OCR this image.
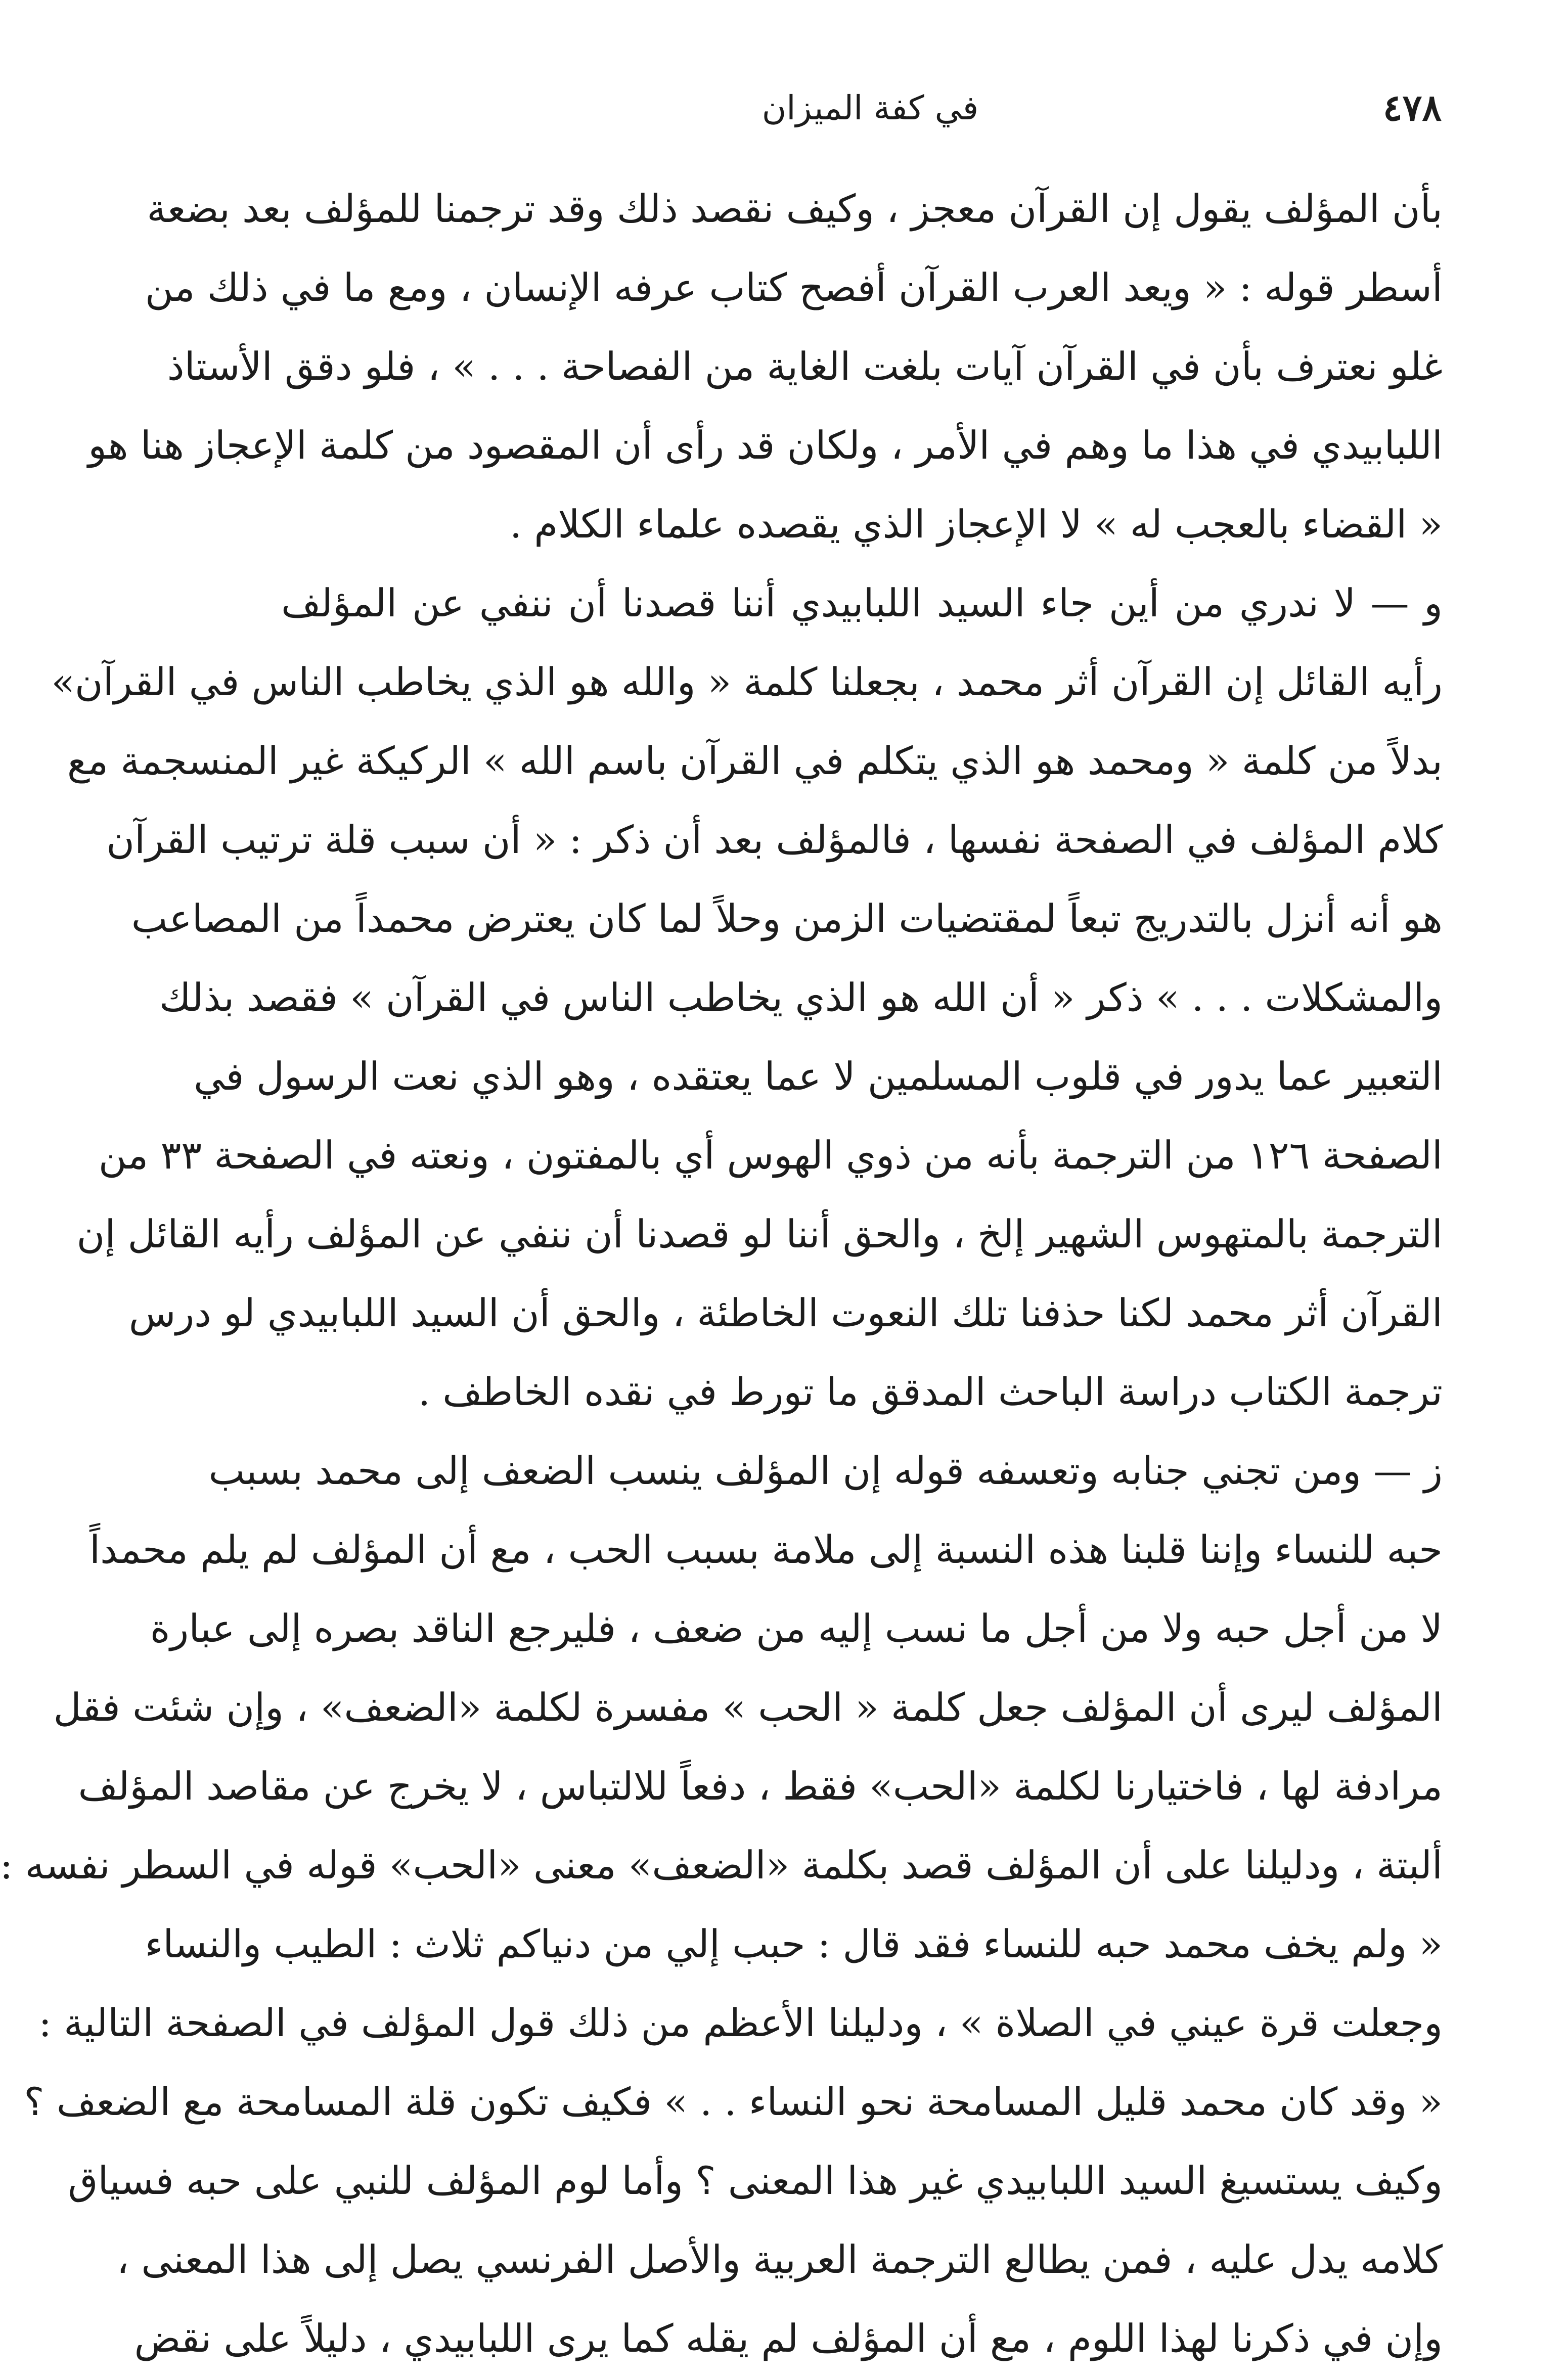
٤٧٨
في كفة الميزان
بأن المؤلف يقول إن القرآن معجز ، وكيف نقصد ذلك وقد ترجمنا للمؤلف بعد بضعة
أسطر قوله : « ويعد العرب القرآن أفصح كتاب عرفه الإنسان ، ومع ما في ذلك من
غلو نعترف بأن في القرآن آيات بلغت الغاية من الفصاحة . . . » ، فلو دقق الأستاذ
اللبابيدي في هذا ما وهم في الأمر ، ولكان قد رأى أن المقصود من كلمة الإعجاز هنا هو
« القضاء بالعجب له » لا الإعجاز الذي يقصده علماء الكلام .
و — لا ندري من أين جاء السيد اللبابيدي أننا قصدنا أن ننفي عن المؤلف
رأيه القائل إن القرآن أثر محمد ، بجعلنا كلمة « والله هو الذي يخاطب الناس في القرآن»
بدلاً من كلمة « ومحمد هو الذي يتكلم في القرآن باسم الله » الركيكة غير المنسجمة مع
كلام المؤلف في الصفحة نفسها ، فالمؤلف بعد أن ذكر : « أن سبب قلة ترتيب القرآن
هو أنه أنزل بالتدريج تبعاً لمقتضيات الزمن وحلاً لما كان يعترض محمداً من المصاعب
والمشكلات . . . » ذكر « أن الله هو الذي يخاطب الناس في القرآن » فقصد بذلك
التعبير عما يدور في قلوب المسلمين لا عما يعتقده ، وهو الذي نعت الرسول في
الصفحة ١٢٦ من الترجمة بأنه من ذوي الهوس أي بالمفتون ، ونعته في الصفحة ٣٣ من
الترجمة بالمتهوس الشهير إلخ ، والحق أننا لو قصدنا أن ننفي عن المؤلف رأيه القائل إن
القرآن أثر محمد لكنا حذفنا تلك النعوت الخاطئة ، والحق أن السيد اللبابيدي لو درس
ترجمة الكتاب دراسة الباحث المدقق ما تورط في نقده الخاطف .
ز — ومن تجني جنابه وتعسفه قوله إن المؤلف ينسب الضعف إلى محمد بسبب
حبه للنساء وإننا قلبنا هذه النسبة إلى ملامة بسبب الحب ، مع أن المؤلف لم يلم محمداً
لا من أجل حبه ولا من أجل ما نسب إليه من ضعف ، فليرجع الناقد بصره إلى عبارة
المؤلف ليرى أن المؤلف جعل كلمة « الحب » مفسرة لكلمة «الضعف» ، وإن شئت فقل
مرادفة لها ، فاختيارنا لكلمة «الحب» فقط ، دفعاً للالتباس ، لا يخرج عن مقاصد المؤلف
ألبتة ، ودليلنا على أن المؤلف قصد بكلمة «الضعف» معنى «الحب» قوله في السطر نفسه :
« ولم يخف محمد حبه للنساء فقد قال : حبب إلي من دنياكم ثلاث : الطيب والنساء
وجعلت قرة عيني في الصلاة » ، ودليلنا الأعظم من ذلك قول المؤلف في الصفحة التالية :
« وقد كان محمد قليل المسامحة نحو النساء . . » فكيف تكون قلة المسامحة مع الضعف ؟
وكيف يستسيغ السيد اللبابيدي غير هذا المعنى ؟ وأما لوم المؤلف للنبي على حبه فسياق
كلامه يدل عليه ، فمن يطالع الترجمة العربية والأصل الفرنسي يصل إلى هذا المعنى ،
وإن في ذكرنا لهذا اللوم ، مع أن المؤلف لم يقله كما يرى اللبابيدي ، دليلاً على نقض
